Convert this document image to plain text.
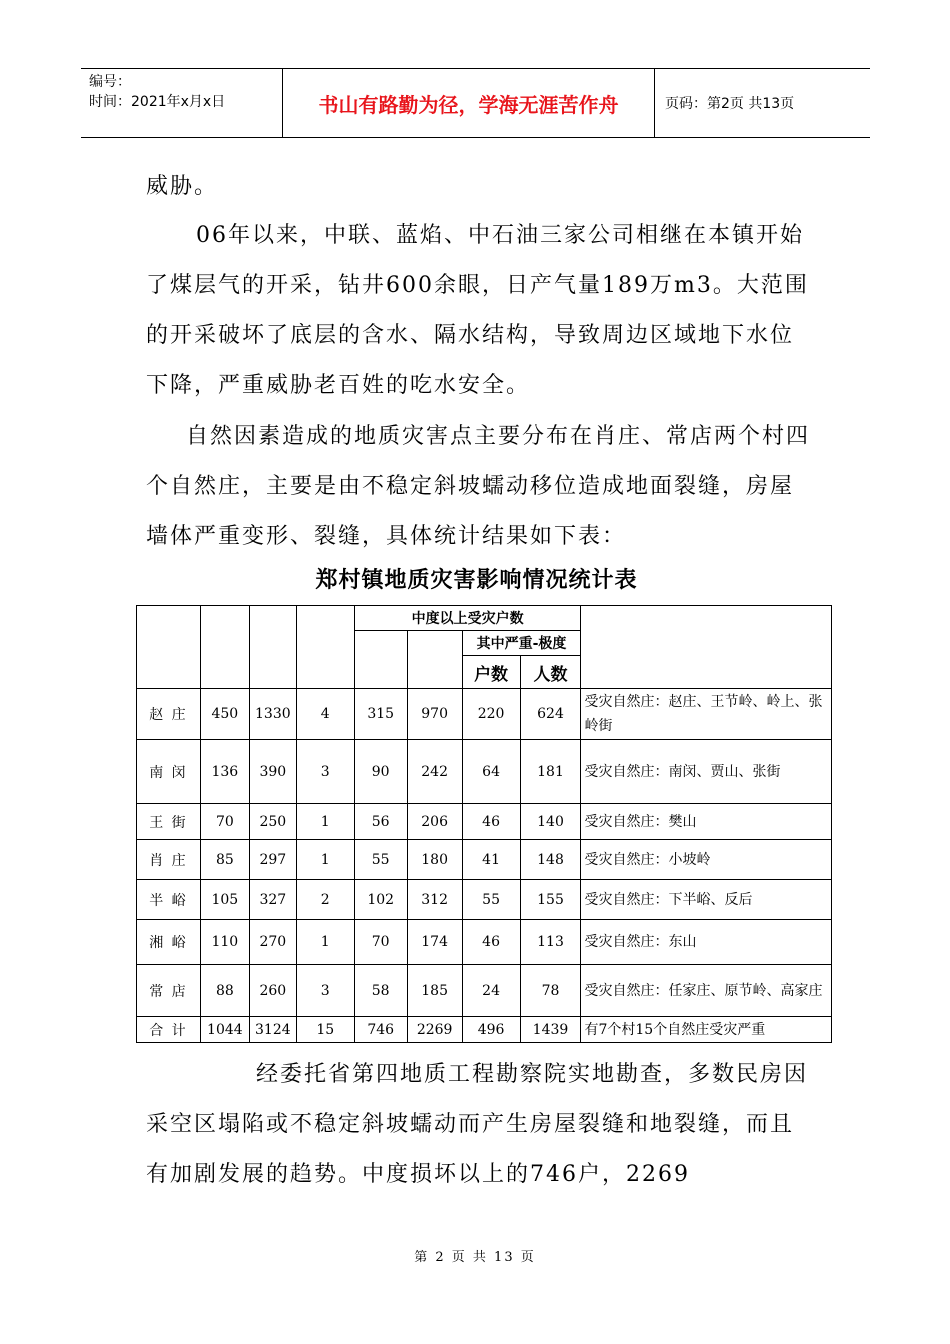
编号：
时间：2021年x月x日	书山有路勤为径，学海无涯苦作舟	页码：第2页 共13页
威胁。
06年以来，中联、蓝焰、中石油三家公司相继在本镇开始了煤层气的开采，钻井600余眼，日产气量189万m3。大范围的开采破坏了底层的含水、隔水结构，导致周边区域地下水位下降，严重威胁老百姓的吃水安全。
自然因素造成的地质灾害点主要分布在肖庄、常店两个村四个自然庄，主要是由不稳定斜坡蠕动移位造成地面裂缝，房屋墙体严重变形、裂缝，具体统计结果如下表：
郑村镇地质灾害影响情况统计表
				中度以上受灾户数				
						其中严重-极度		
						户数	人数	
赵 庄	450	1330	4	315	970	220	624	受灾自然庄：赵庄、王节岭、岭上、张岭街
南 闵	136	390	3	90	242	64	181	受灾自然庄：南闵、贾山、张街
王 街	70	250	1	56	206	46	140	受灾自然庄：樊山
肖 庄	85	297	1	55	180	41	148	受灾自然庄：小坡岭
半 峪	105	327	2	102	312	55	155	受灾自然庄：下半峪、反后
湘 峪	110	270	1	70	174	46	113	受灾自然庄：东山
常 店	88	260	3	58	185	24	78	受灾自然庄：任家庄、原节岭、高家庄
合 计	1044	3124	15	746	2269	496	1439	有7个村15个自然庄受灾严重
经委托省第四地质工程勘察院实地勘查，多数民房因采空区塌陷或不稳定斜坡蠕动而产生房屋裂缝和地裂缝，而且有加剧发展的趋势。中度损坏以上的746户，2269
第 2 页 共 13 页
